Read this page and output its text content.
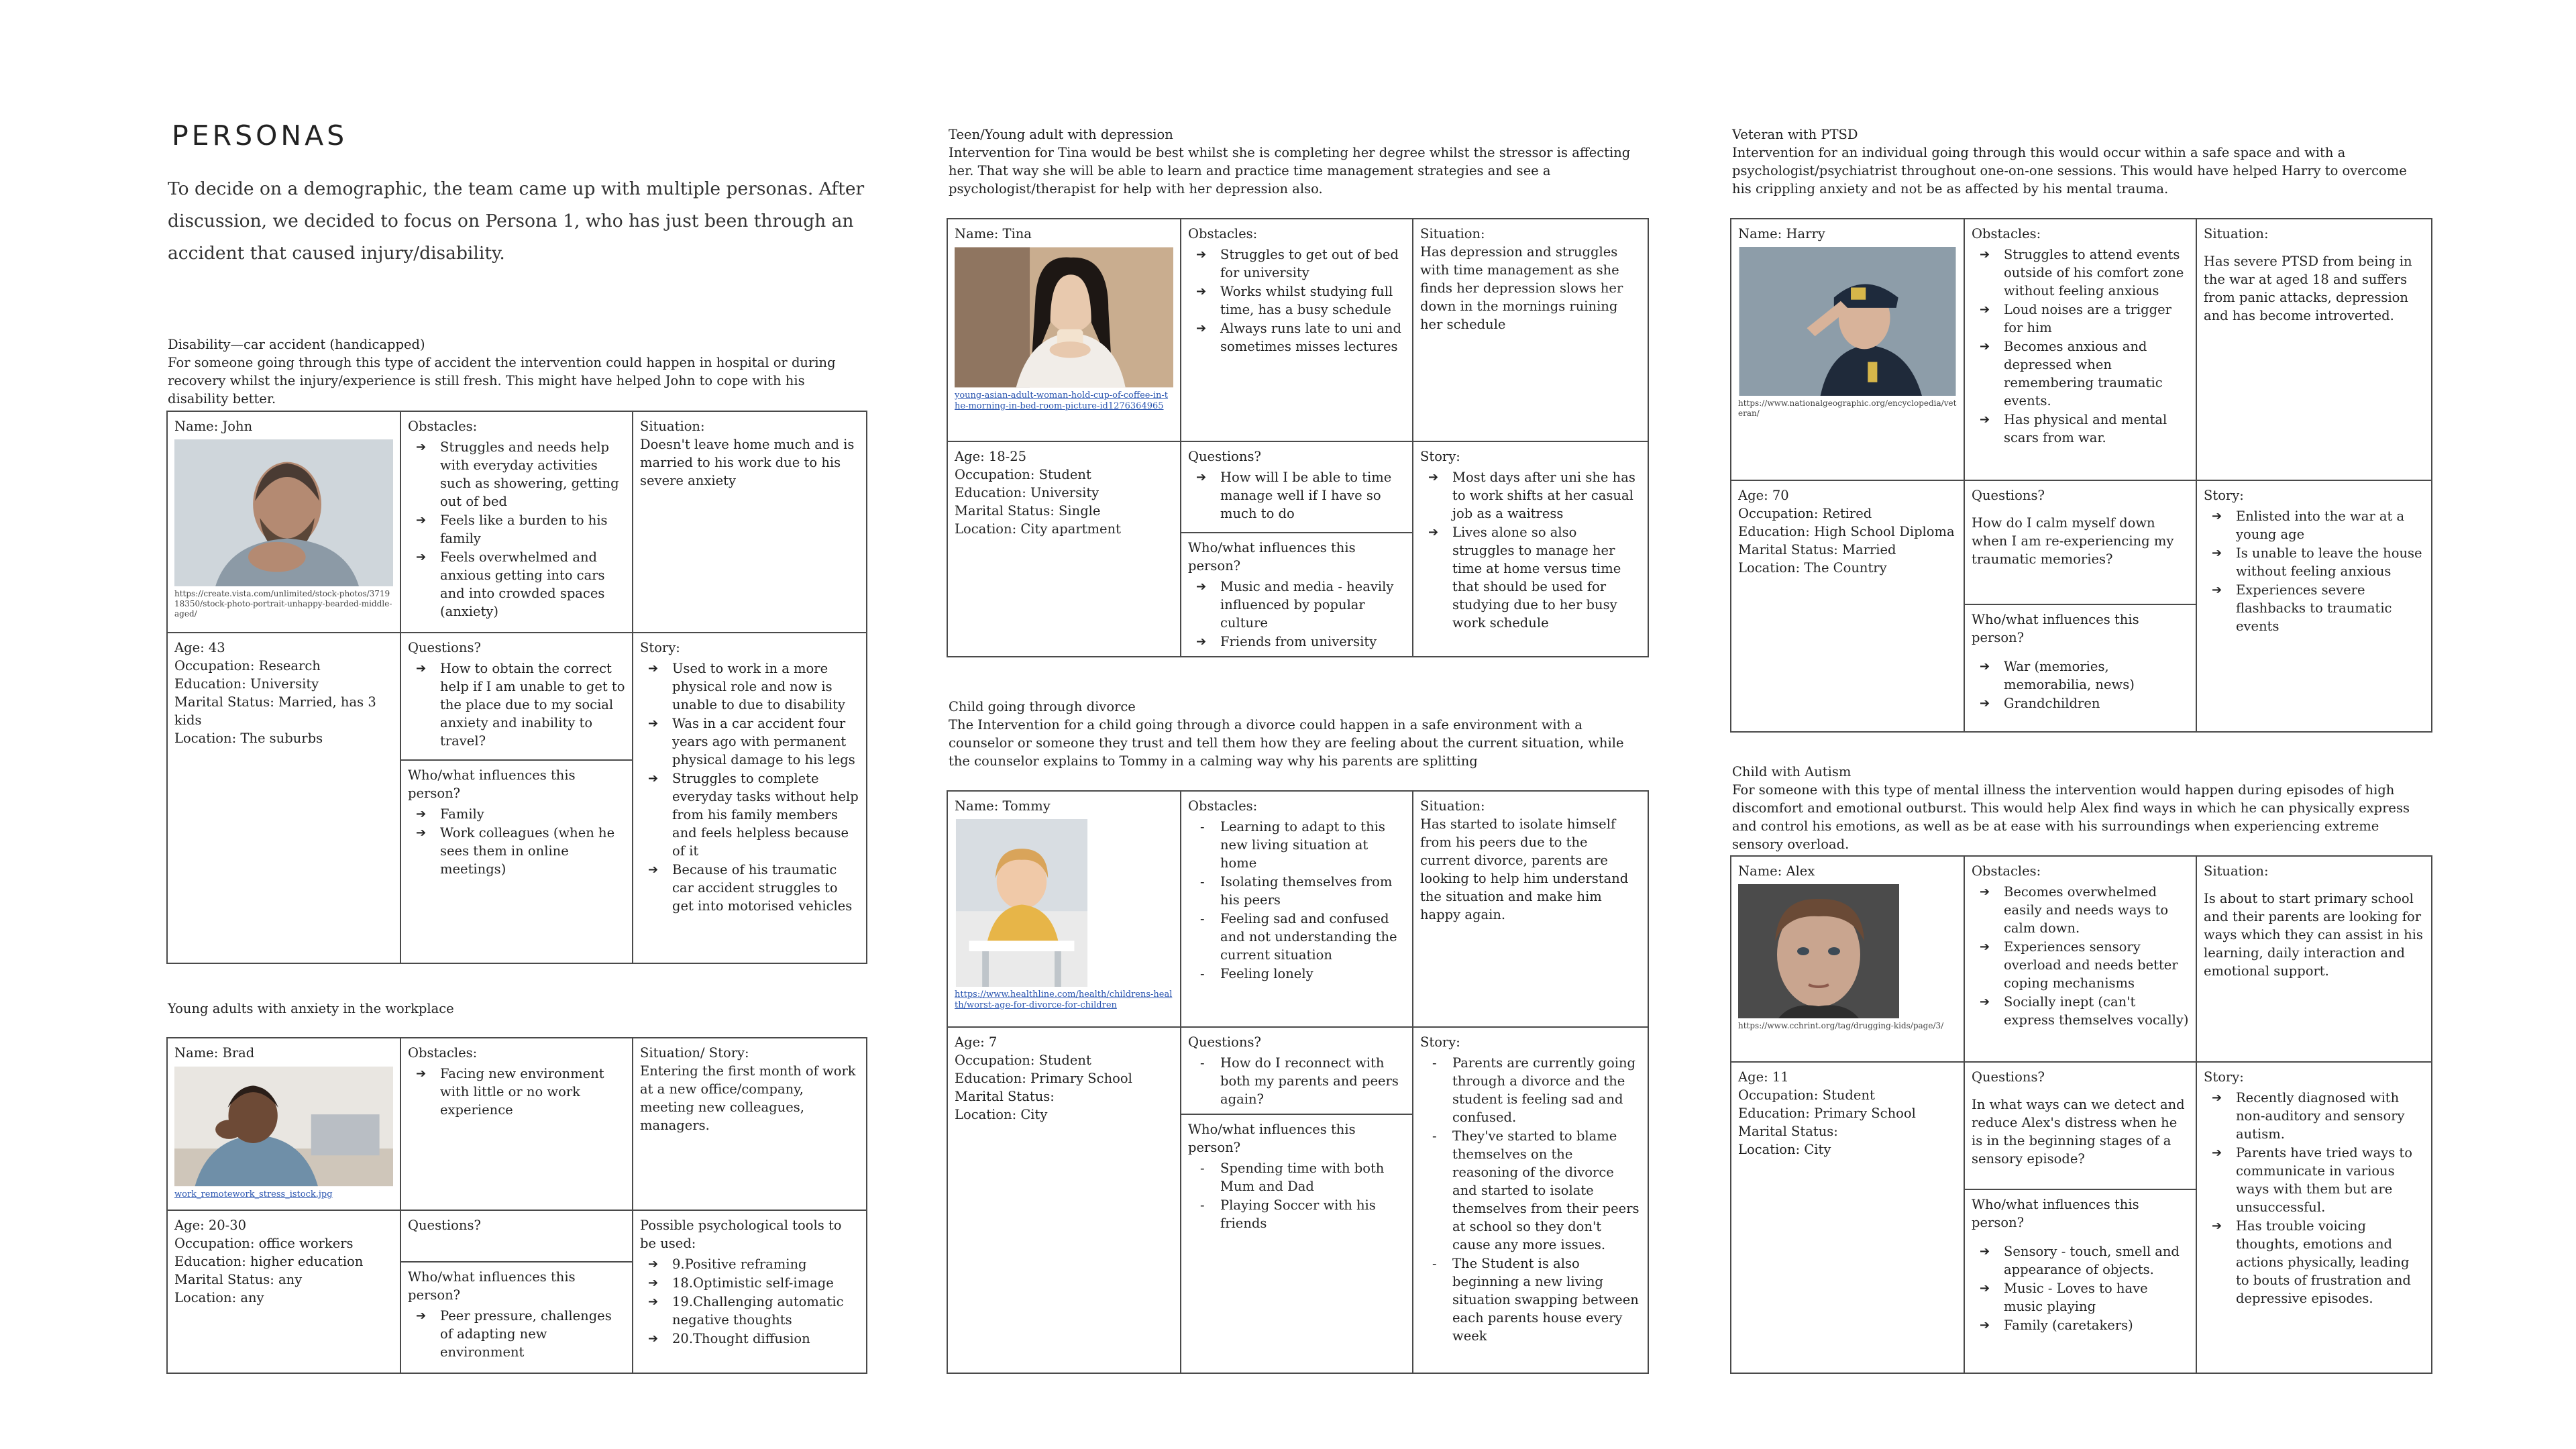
PERSONAS
To decide on a demographic, the team came up with multiple personas. After discussion, we decided to focus on Persona 1, who has just been through an accident that caused injury/disability.
Disability—car accident (handicapped)
For someone going through this type of accident the intervention could happen in hospital or during recovery whilst the injury/experience is still fresh. This might have helped John to cope with his disability better.
Name: John
https://create.vista.com/unlimited/stock-photos/371918350/stock-photo-portrait-unhappy-bearded-middle-aged/
Obstacles:
➔ Struggles and needs help with everyday activities such as showering, getting out of bed
➔ Feels like a burden to his family
➔ Feels overwhelmed and anxious getting into cars and into crowded spaces (anxiety)
Situation:
Doesn't leave home much and is married to his work due to his severe anxiety
Age: 43
Occupation: Research
Education: University
Marital Status: Married, has 3 kids
Location: The suburbs
Questions?
➔ How to obtain the correct help if I am unable to get to the place due to my social anxiety and inability to travel?
Who/what influences this person?
➔ Family
➔ Work colleagues (when he sees them in online meetings)
Story:
➔ Used to work in a more physical role and now is unable to due to disability
➔ Was in a car accident four years ago with permanent physical damage to his legs
➔ Struggles to complete everyday tasks without help from his family members and feels helpless because of it
➔ Because of his traumatic car accident struggles to get into motorised vehicles
Young adults with anxiety in the workplace
Name: Brad
work_remotework_stress_istock.jpg
Obstacles:
➔ Facing new environment with little or no work experience
Situation/ Story:
Entering the first month of work at a new office/company, meeting new colleagues, managers.
Age: 20-30
Occupation: office workers
Education: higher education
Marital Status: any
Location: any
Questions?
Who/what influences this person?
➔ Peer pressure, challenges of adapting new environment
Possible psychological tools to be used:
➔ 9.Positive reframing
➔ 18.Optimistic self-image
➔ 19.Challenging automatic negative thoughts
➔ 20.Thought diffusion
Teen/Young adult with depression
Intervention for Tina would be best whilst she is completing her degree whilst the stressor is affecting her. That way she will be able to learn and practice time management strategies and see a psychologist/therapist for help with her depression also.
Name: Tina
young-asian-adult-woman-hold-cup-of-coffee-in-the-morning-in-bed-room-picture-id1276364965
Obstacles:
➔ Struggles to get out of bed for university
➔ Works whilst studying full time, has a busy schedule
➔ Always runs late to uni and sometimes misses lectures
Situation:
Has depression and struggles with time management as she finds her depression slows her down in the mornings ruining her schedule
Age: 18-25
Occupation: Student
Education: University
Marital Status: Single
Location: City apartment
Questions?
➔ How will I be able to time manage well if I have so much to do
Who/what influences this person?
➔ Music and media - heavily influenced by popular culture
➔ Friends from university
Story:
➔ Most days after uni she has to work shifts at her casual job as a waitress
➔ Lives alone so also struggles to manage her time at home versus time that should be used for studying due to her busy work schedule
Child going through divorce
The Intervention for a child going through a divorce could happen in a safe environment with a counselor or someone they trust and tell them how they are feeling about the current situation, while the counselor explains to Tommy in a calming way why his parents are splitting
Name: Tommy
https://www.healthline.com/health/childrens-health/worst-age-for-divorce-for-children
Obstacles:
- Learning to adapt to this new living situation at home
- Isolating themselves from his peers
- Feeling sad and confused and not understanding the current situation
- Feeling lonely
Situation:
Has started to isolate himself from his peers due to the current divorce, parents are looking to help him understand the situation and make him happy again.
Age: 7
Occupation: Student
Education: Primary School
Marital Status:
Location: City
Questions?
- How do I reconnect with both my parents and peers again?
Who/what influences this person?
- Spending time with both Mum and Dad
- Playing Soccer with his friends
Story:
- Parents are currently going through a divorce and the student is feeling sad and confused.
- They've started to blame themselves on the reasoning of the divorce and started to isolate themselves from their peers at school so they don't cause any more issues.
- The Student is also beginning a new living situation swapping between each parents house every week
Veteran with PTSD
Intervention for an individual going through this would occur within a safe space and with a psychologist/psychiatrist throughout one-on-one sessions. This would have helped Harry to overcome his crippling anxiety and not be as affected by his mental trauma.
Name: Harry
https://www.nationalgeographic.org/encyclopedia/veteran/
Obstacles:
➔ Struggles to attend events outside of his comfort zone without feeling anxious
➔ Loud noises are a trigger for him
➔ Becomes anxious and depressed when remembering traumatic events.
➔ Has physical and mental scars from war.
Situation:
Has severe PTSD from being in the war at aged 18 and suffers from panic attacks, depression and has become introverted.
Age: 70
Occupation: Retired
Education: High School Diploma
Marital Status: Married
Location: The Country
Questions?
How do I calm myself down when I am re-experiencing my traumatic memories?
Who/what influences this person?
➔ War (memories, memorabilia, news)
➔ Grandchildren
Story:
➔ Enlisted into the war at a young age
➔ Is unable to leave the house without feeling anxious
➔ Experiences severe flashbacks to traumatic events
Child with Autism
For someone with this type of mental illness the intervention would happen during episodes of high discomfort and emotional outburst. This would help Alex find ways in which he can physically express and control his emotions, as well as be at ease with his surroundings when experiencing extreme sensory overload.
Name: Alex
https://www.cchrint.org/tag/drugging-kids/page/3/
Obstacles:
➔ Becomes overwhelmed easily and needs ways to calm down.
➔ Experiences sensory overload and needs better coping mechanisms
➔ Socially inept (can't express themselves vocally)
Situation:
Is about to start primary school and their parents are looking for ways which they can assist in his learning, daily interaction and emotional support.
Age: 11
Occupation: Student
Education: Primary School
Marital Status:
Location: City
Questions?
In what ways can we detect and reduce Alex's distress when he is in the beginning stages of a sensory episode?
Who/what influences this person?
➔ Sensory - touch, smell and appearance of objects.
➔ Music - Loves to have music playing
➔ Family (caretakers)
Story:
➔ Recently diagnosed with non-auditory and sensory autism.
➔ Parents have tried ways to communicate in various ways with them but are unsuccessful.
➔ Has trouble voicing thoughts, emotions and actions physically, leading to bouts of frustration and depressive episodes.
